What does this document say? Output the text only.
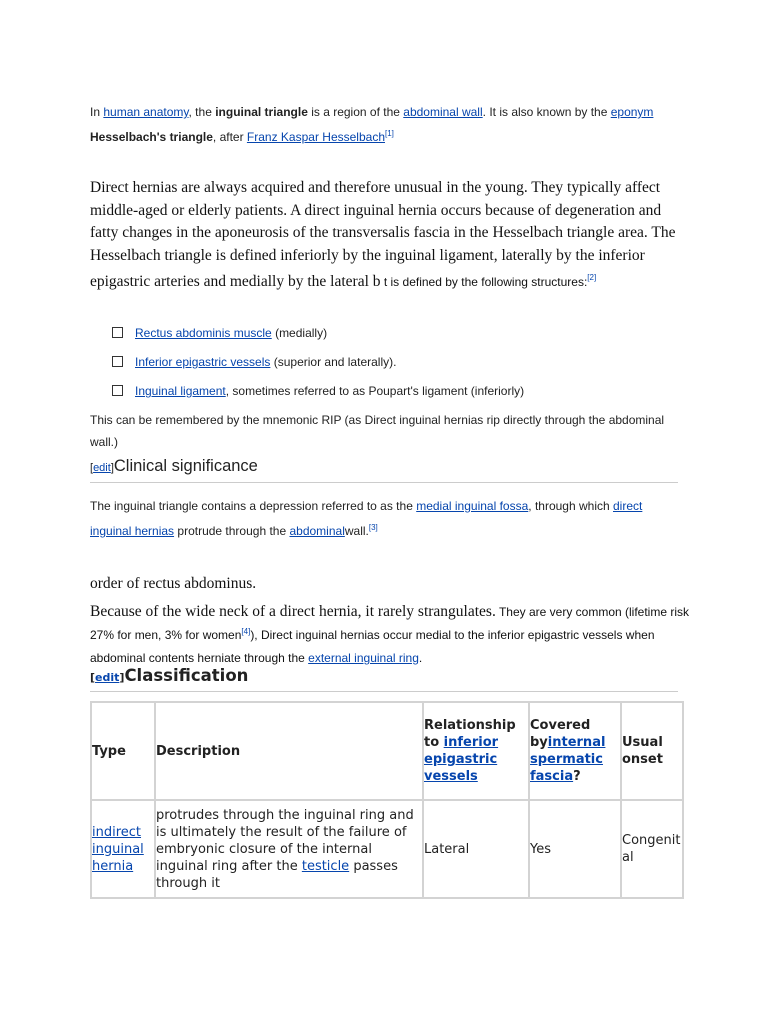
In human anatomy, the inguinal triangle is a region of the abdominal wall. It is also known by the eponym Hesselbach's triangle, after Franz Kaspar Hesselbach[1]
Direct hernias are always acquired and therefore unusual in the young. They typically affect middle-aged or elderly patients. A direct inguinal hernia occurs because of degeneration and fatty changes in the aponeurosis of the transversalis fascia in the Hesselbach triangle area. The Hesselbach triangle is defined inferiorly by the inguinal ligament, laterally by the inferior epigastric arteries and medially by the lateral b t is defined by the following structures:[2]
Rectus abdominis muscle (medially)
Inferior epigastric vessels (superior and laterally).
Inguinal ligament, sometimes referred to as Poupart's ligament (inferiorly)
This can be remembered by the mnemonic RIP (as Direct inguinal hernias rip directly through the abdominal wall.)
[edit]Clinical significance
The inguinal triangle contains a depression referred to as the medial inguinal fossa, through which direct inguinal hernias protrude through the abdominalwall.[3]
order of rectus abdominus.
Because of the wide neck of a direct hernia, it rarely strangulates. They are very common (lifetime risk 27% for men, 3% for women[4]), Direct inguinal hernias occur medial to the inferior epigastric vessels when abdominal contents herniate through the external inguinal ring.
[edit]Classification
Type	Description	Relationship to inferior epigastric vessels	Covered byinternal spermatic fascia?	Usual onset
indirect inguinal hernia	protrudes through the inguinal ring and is ultimately the result of the failure of embryonic closure of the internal inguinal ring after the testicle passes through it	Lateral	Yes	Congenital
